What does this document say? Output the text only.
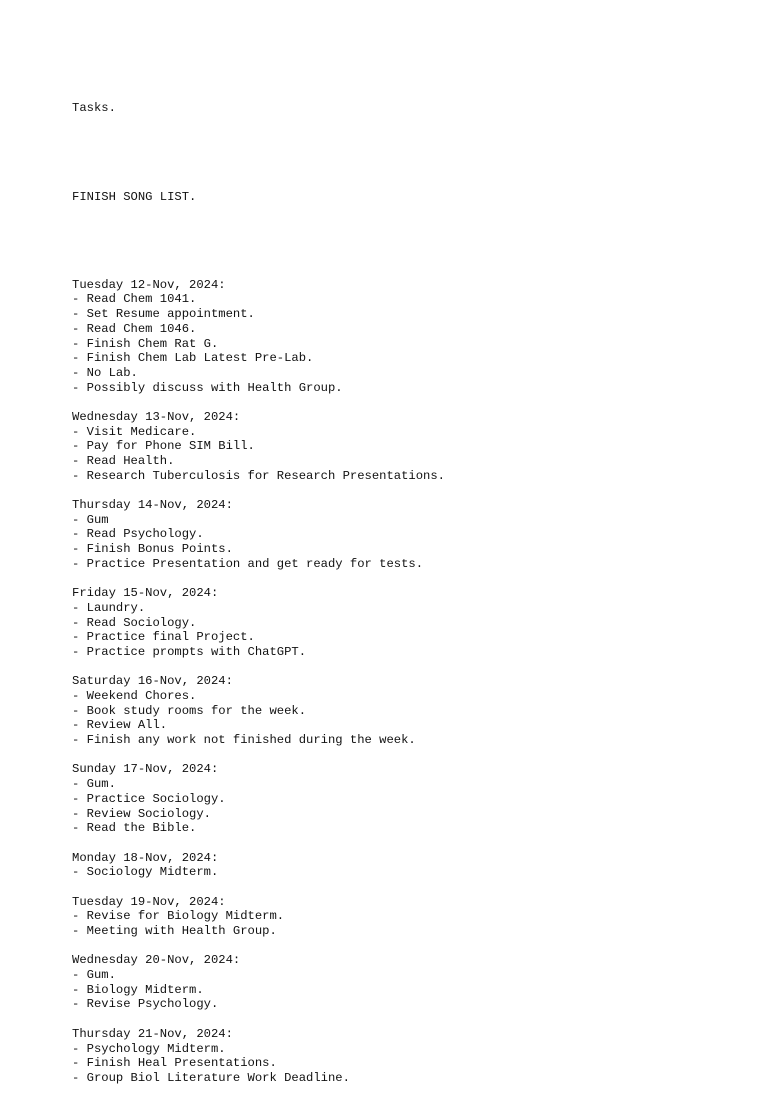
Tasks.

FINISH SONG LIST.

Tuesday 12-Nov, 2024:
- Read Chem 1041.
- Set Resume appointment.
- Read Chem 1046.
- Finish Chem Rat G.
- Finish Chem Lab Latest Pre-Lab.
- No Lab.
- Possibly discuss with Health Group.
Wednesday 13-Nov, 2024:
- Visit Medicare.
- Pay for Phone SIM Bill.
- Read Health.
- Research Tuberculosis for Research Presentations.
Thursday 14-Nov, 2024:
- Gum
- Read Psychology.
- Finish Bonus Points.
- Practice Presentation and get ready for tests.
Friday 15-Nov, 2024:
- Laundry.
- Read Sociology.
- Practice final Project.
- Practice prompts with ChatGPT.
Saturday 16-Nov, 2024:
- Weekend Chores.
- Book study rooms for the week.
- Review All.
- Finish any work not finished during the week.
Sunday 17-Nov, 2024:
- Gum.
- Practice Sociology.
- Review Sociology.
- Read the Bible.
Monday 18-Nov, 2024:
- Sociology Midterm.
Tuesday 19-Nov, 2024:
- Revise for Biology Midterm.
- Meeting with Health Group.
Wednesday 20-Nov, 2024:
- Gum.
- Biology Midterm.
- Revise Psychology.
Thursday 21-Nov, 2024:
- Psychology Midterm.
- Finish Heal Presentations.
- Group Biol Literature Work Deadline.
